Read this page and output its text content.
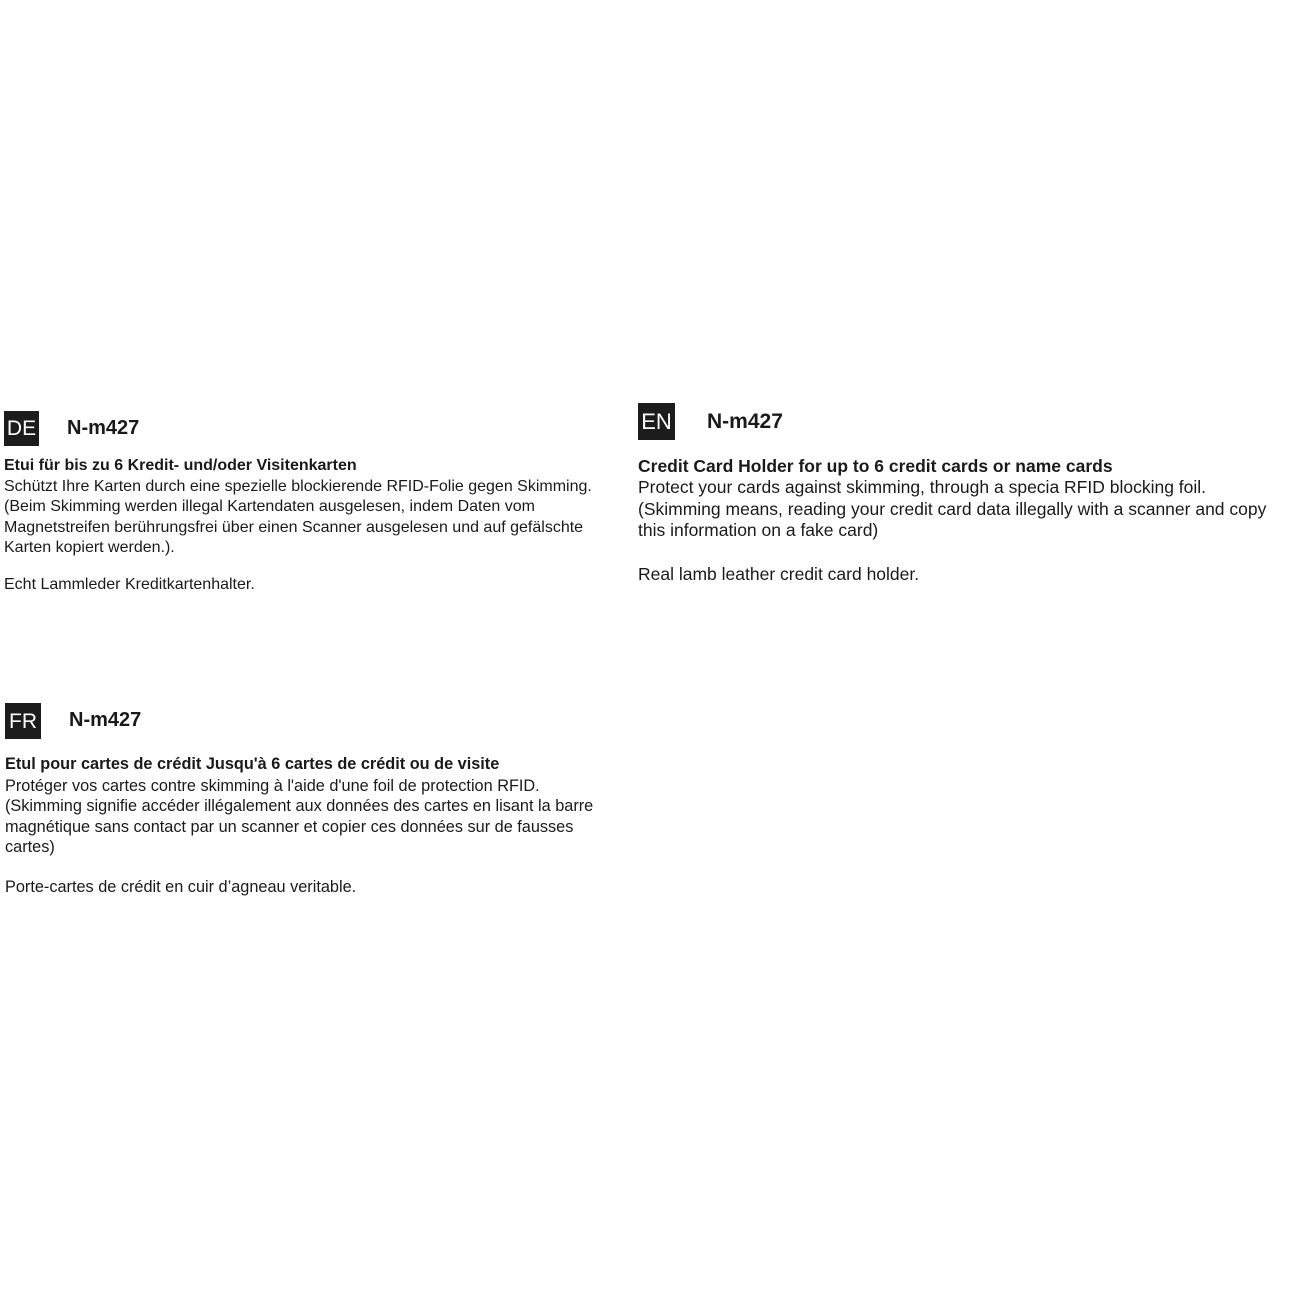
DE N-m427
Etui für bis zu 6 Kredit- und/oder Visitenkarten
Schützt Ihre Karten durch eine spezielle blockierende RFID-Folie gegen Skimming.
(Beim Skimming werden illegal Kartendaten ausgelesen, indem Daten vom
Magnetstreifen berührungsfrei über einen Scanner ausgelesen und auf gefälschte
Karten kopiert werden.).
Echt Lammleder Kreditkartenhalter.
EN N-m427
Credit Card Holder for up to 6 credit cards or name cards
Protect your cards against skimming, through a specia RFID blocking foil.
(Skimming means, reading your credit card data illegally with a scanner and copy
this information on a fake card)
Real lamb leather credit card holder.
FR N-m427
Etul pour cartes de crédit Jusqu'à 6 cartes de crédit ou de visite
Protéger vos cartes contre skimming à l'aide d'une foil de protection RFID.
(Skimming signifie accéder illégalement aux données des cartes en lisant la barre
magnétique sans contact par un scanner et copier ces données sur de fausses
cartes)
Porte-cartes de crédit en cuir d’agneau veritable.
